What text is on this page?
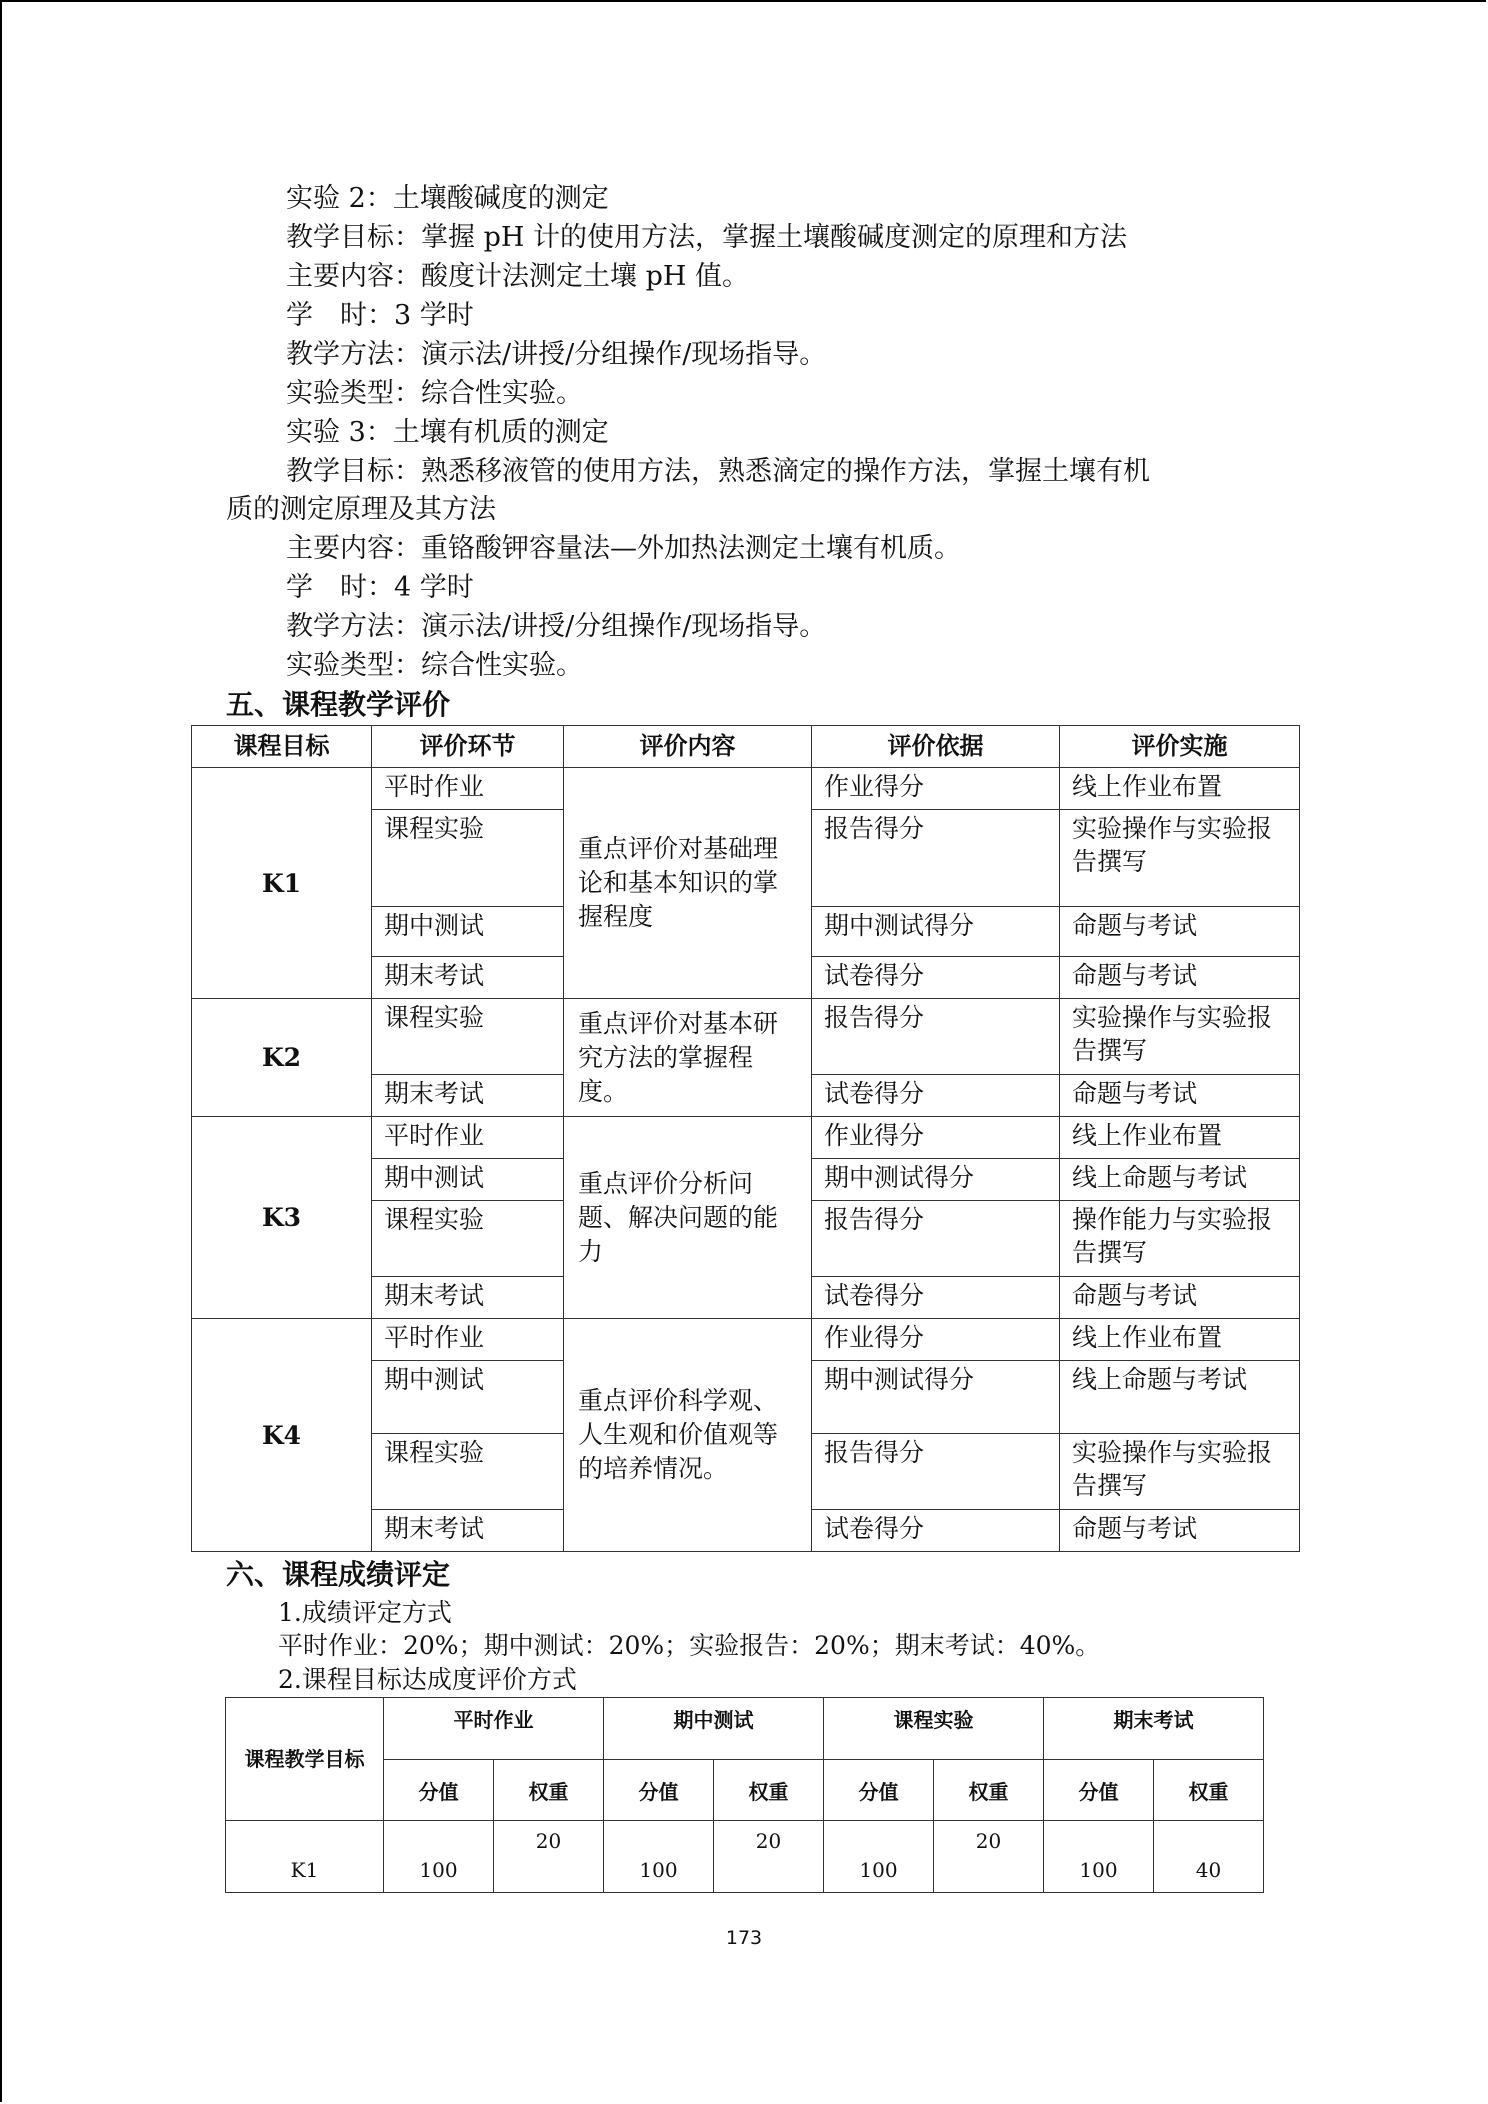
实验 2：土壤酸碱度的测定
教学目标：掌握 pH 计的使用方法，掌握土壤酸碱度测定的原理和方法
主要内容：酸度计法测定土壤 pH 值。
学　时：3 学时
教学方法：演示法/讲授/分组操作/现场指导。
实验类型：综合性实验。
实验 3：土壤有机质的测定
教学目标：熟悉移液管的使用方法，熟悉滴定的操作方法，掌握土壤有机
质的测定原理及其方法
主要内容：重铬酸钾容量法—外加热法测定土壤有机质。
学　时：4 学时
教学方法：演示法/讲授/分组操作/现场指导。
实验类型：综合性实验。
五、课程教学评价
课程目标	评价环节	评价内容	评价依据	评价实施
K1	平时作业	重点评价对基础理论和基本知识的掌握程度	作业得分	线上作业布置
	课程实验		报告得分	实验操作与实验报告撰写
	期中测试		期中测试得分	命题与考试
	期末考试		试卷得分	命题与考试
K2	课程实验	重点评价对基本研究方法的掌握程度。	报告得分	实验操作与实验报告撰写
	期末考试		试卷得分	命题与考试
K3	平时作业	重点评价分析问题、解决问题的能力	作业得分	线上作业布置
	期中测试		期中测试得分	线上命题与考试
	课程实验		报告得分	操作能力与实验报告撰写
	期末考试		试卷得分	命题与考试
K4	平时作业	重点评价科学观、人生观和价值观等的培养情况。	作业得分	线上作业布置
	期中测试		期中测试得分	线上命题与考试
	课程实验		报告得分	实验操作与实验报告撰写
	期末考试		试卷得分	命题与考试
六、课程成绩评定
1.成绩评定方式
平时作业：20%；期中测试：20%；实验报告：20%；期末考试：40%。
2.课程目标达成度评价方式
课程教学目标	平时作业		期中测试		课程实验		期末考试	
	分值	权重	分值	权重	分值	权重	分值	权重
K1	100	20	100	20	100	20	100	40
173
